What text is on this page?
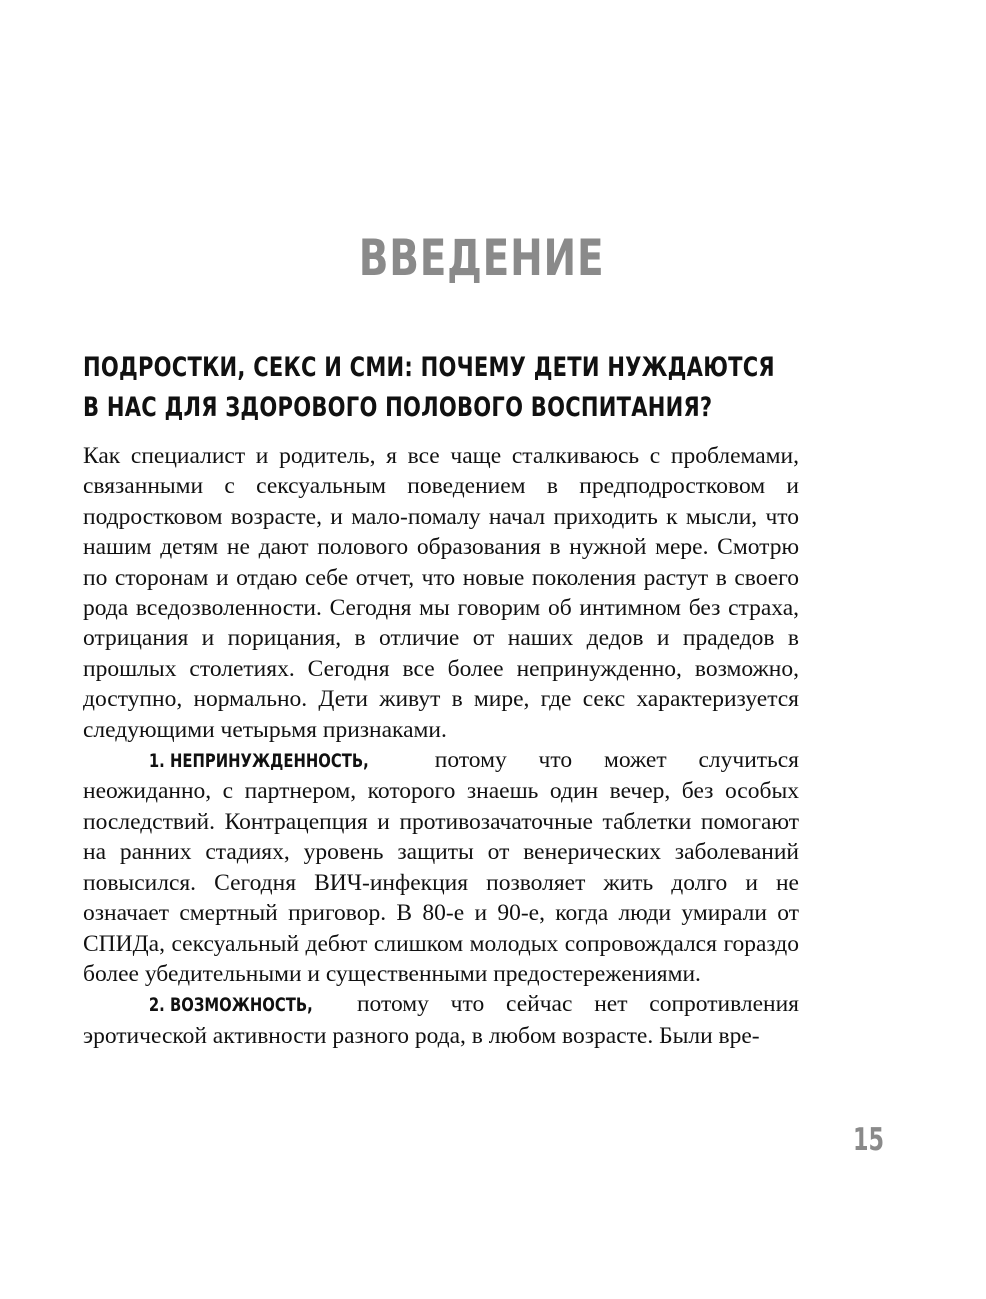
ВВЕДЕНИЕ
ПОДРОСТКИ, СЕКС И СМИ: ПОЧЕМУ ДЕТИ НУЖДАЮТСЯ
В НАС ДЛЯ ЗДОРОВОГО ПОЛОВОГО ВОСПИТАНИЯ?

Как специалист и родитель, я все чаще сталкиваюсь с проблемами, связанными с сексуальным поведением в предподростковом и подростковом возрасте, и мало-помалу начал приходить к мысли, что нашим детям не дают полового образования в нужной мере. Смотрю по сторонам и отдаю себе отчет, что новые поколения растут в своего рода вседозволенности. Сегодня мы говорим об интимном без страха, отрицания и порицания, в отличие от наших дедов и прадедов в прошлых столетиях. Сегодня все более непринужденно, возможно, доступно, нормально. Дети живут в мире, где секс характеризуется следующими четырьмя признаками.

1. НЕПРИНУЖДЕННОСТЬ, потому что может случиться неожиданно, с партнером, которого знаешь один вечер, без особых последствий. Контрацепция и противозачаточные таблетки помогают на ранних стадиях, уровень защиты от венерических заболеваний повысился. Сегодня ВИЧ-инфекция позволяет жить долго и не означает смертный приговор. В 80-е и 90-е, когда люди умирали от СПИДа, сексуальный дебют слишком молодых сопровождался гораздо более убедительными и существенными предостережениями.

2. ВОЗМОЖНОСТЬ, потому что сейчас нет сопротивления эротической активности разного рода, в любом возрасте. Были вре-

15
